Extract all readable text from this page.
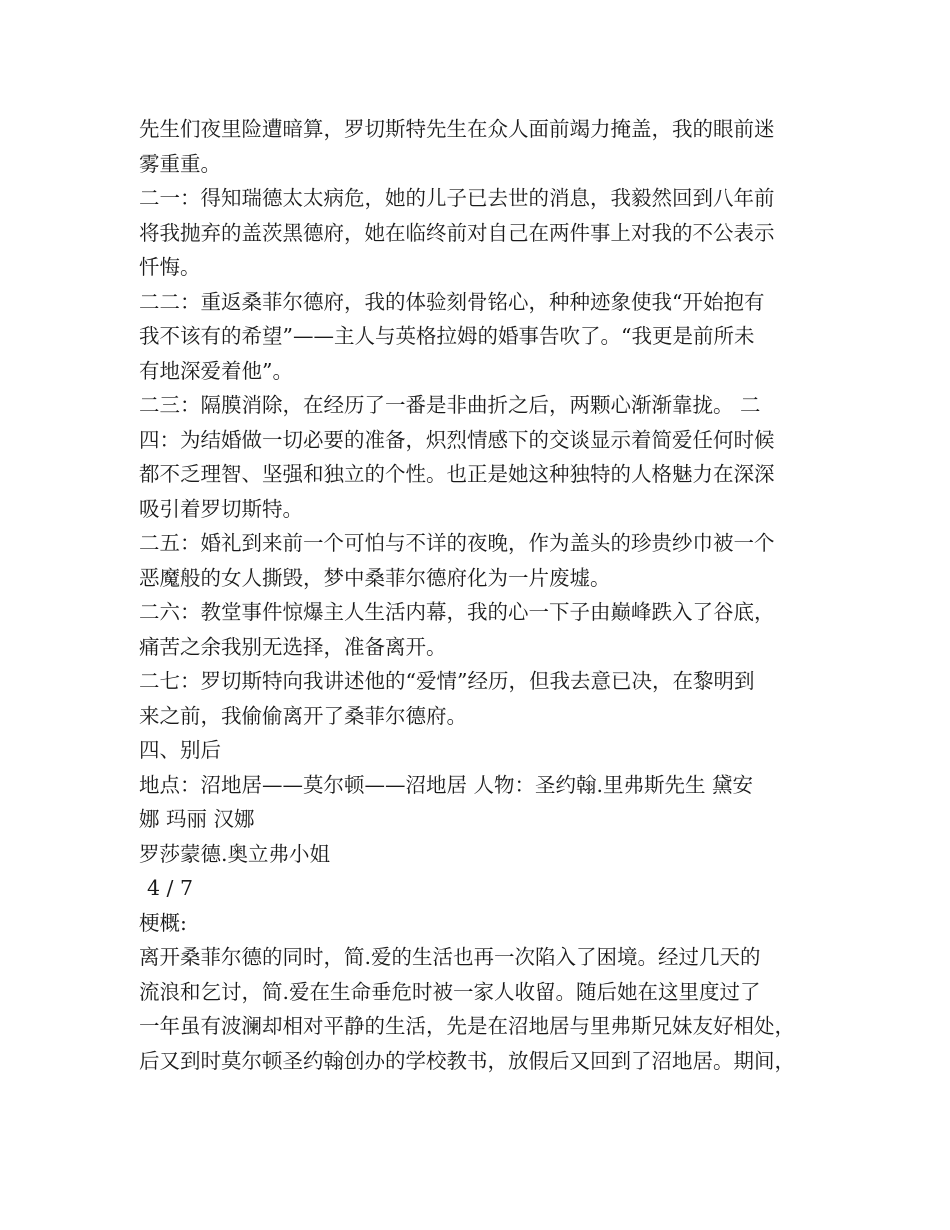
先生们夜里险遭暗算，罗切斯特先生在众人面前竭力掩盖，我的眼前迷

雾重重。

二一：得知瑞德太太病危，她的儿子已去世的消息，我毅然回到八年前

将我抛弃的盖茨黑德府，她在临终前对自己在两件事上对我的不公表示

忏悔。

二二：重返桑菲尔德府，我的体验刻骨铭心，种种迹象使我“开始抱有

我不该有的希望”——主人与英格拉姆的婚事告吹了。“我更是前所未

有地深爱着他”。

二三：隔膜消除，在经历了一番是非曲折之后，两颗心渐渐靠拢。 二

四：为结婚做一切必要的准备，炽烈情感下的交谈显示着简爱任何时候

都不乏理智、坚强和独立的个性。也正是她这种独特的人格魅力在深深

吸引着罗切斯特。

二五：婚礼到来前一个可怕与不详的夜晚，作为盖头的珍贵纱巾被一个

恶魔般的女人撕毁，梦中桑菲尔德府化为一片废墟。

二六：教堂事件惊爆主人生活内幕，我的心一下子由巅峰跌入了谷底，

痛苦之余我别无选择，准备离开。

二七：罗切斯特向我讲述他的“爱情”经历，但我去意已决，在黎明到

来之前，我偷偷离开了桑菲尔德府。

四、别后

地点：沼地居——莫尔顿——沼地居 人物：圣约翰.里弗斯先生 黛安

娜 玛丽 汉娜

罗莎蒙德.奥立弗小姐

4 / 7

梗概:

离开桑菲尔德的同时，简.爱的生活也再一次陷入了困境。经过几天的

流浪和乞讨，简.爱在生命垂危时被一家人收留。随后她在这里度过了

一年虽有波澜却相对平静的生活，先是在沼地居与里弗斯兄妹友好相处，

后又到时莫尔顿圣约翰创办的学校教书，放假后又回到了沼地居。期间，
